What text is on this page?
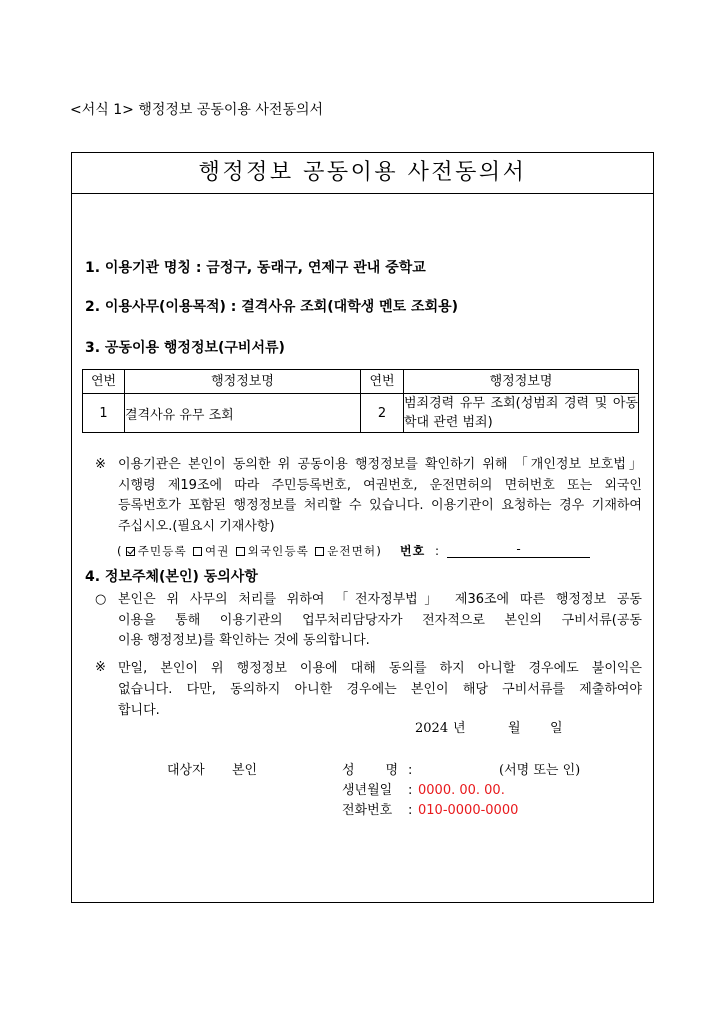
<서식 1> 행정정보 공동이용 사전동의서
행정정보 공동이용 사전동의서
1. 이용기관 명칭 : 금정구, 동래구, 연제구 관내 중학교
2. 이용사무(이용목적) : 결격사유 조회(대학생 멘토 조회용)
3. 공동이용 행정정보(구비서류)
연번	행정정보명	연번	행정정보명
1	결격사유 유무 조회	2	범죄경력 유무 조회(성범죄 경력 및 아동학대 관련 범죄)
※ 이용기관은 본인이 동의한 위 공동이용 행정정보를 확인하기 위해 「개인정보 보호법」
시행령 제19조에 따라 주민등록번호, 여권번호, 운전면허의 면허번호 또는 외국인
등록번호가 포함된 행정정보를 처리할 수 있습니다. 이용기관이 요청하는 경우 기재하여
주십시오.(필요시 기재사항)
( 주민등록 여권 외국인등록 운전면허 ) 번호 :	-
4. 정보주체(본인) 동의사항
○ 본인은 위 사무의 처리를 위하여 「전자정부법」 제36조에 따른 행정정보 공동
이용을 통해 이용기관의 업무처리담당자가 전자적으로 본인의 구비서류(공동
이용 행정정보)를 확인하는 것에 동의합니다.
※ 만일, 본인이 위 행정정보 이용에 대해 동의를 하지 아니할 경우에도 불이익은
없습니다. 다만, 동의하지 아니한 경우에는 본인이 해당 구비서류를 제출하여야
합니다.
2024 년	월 일
대상자 본인	성 명 :	(서명 또는 인)
생년월일	: 0000. 00. 00.
전화번호	: 010-0000-0000
